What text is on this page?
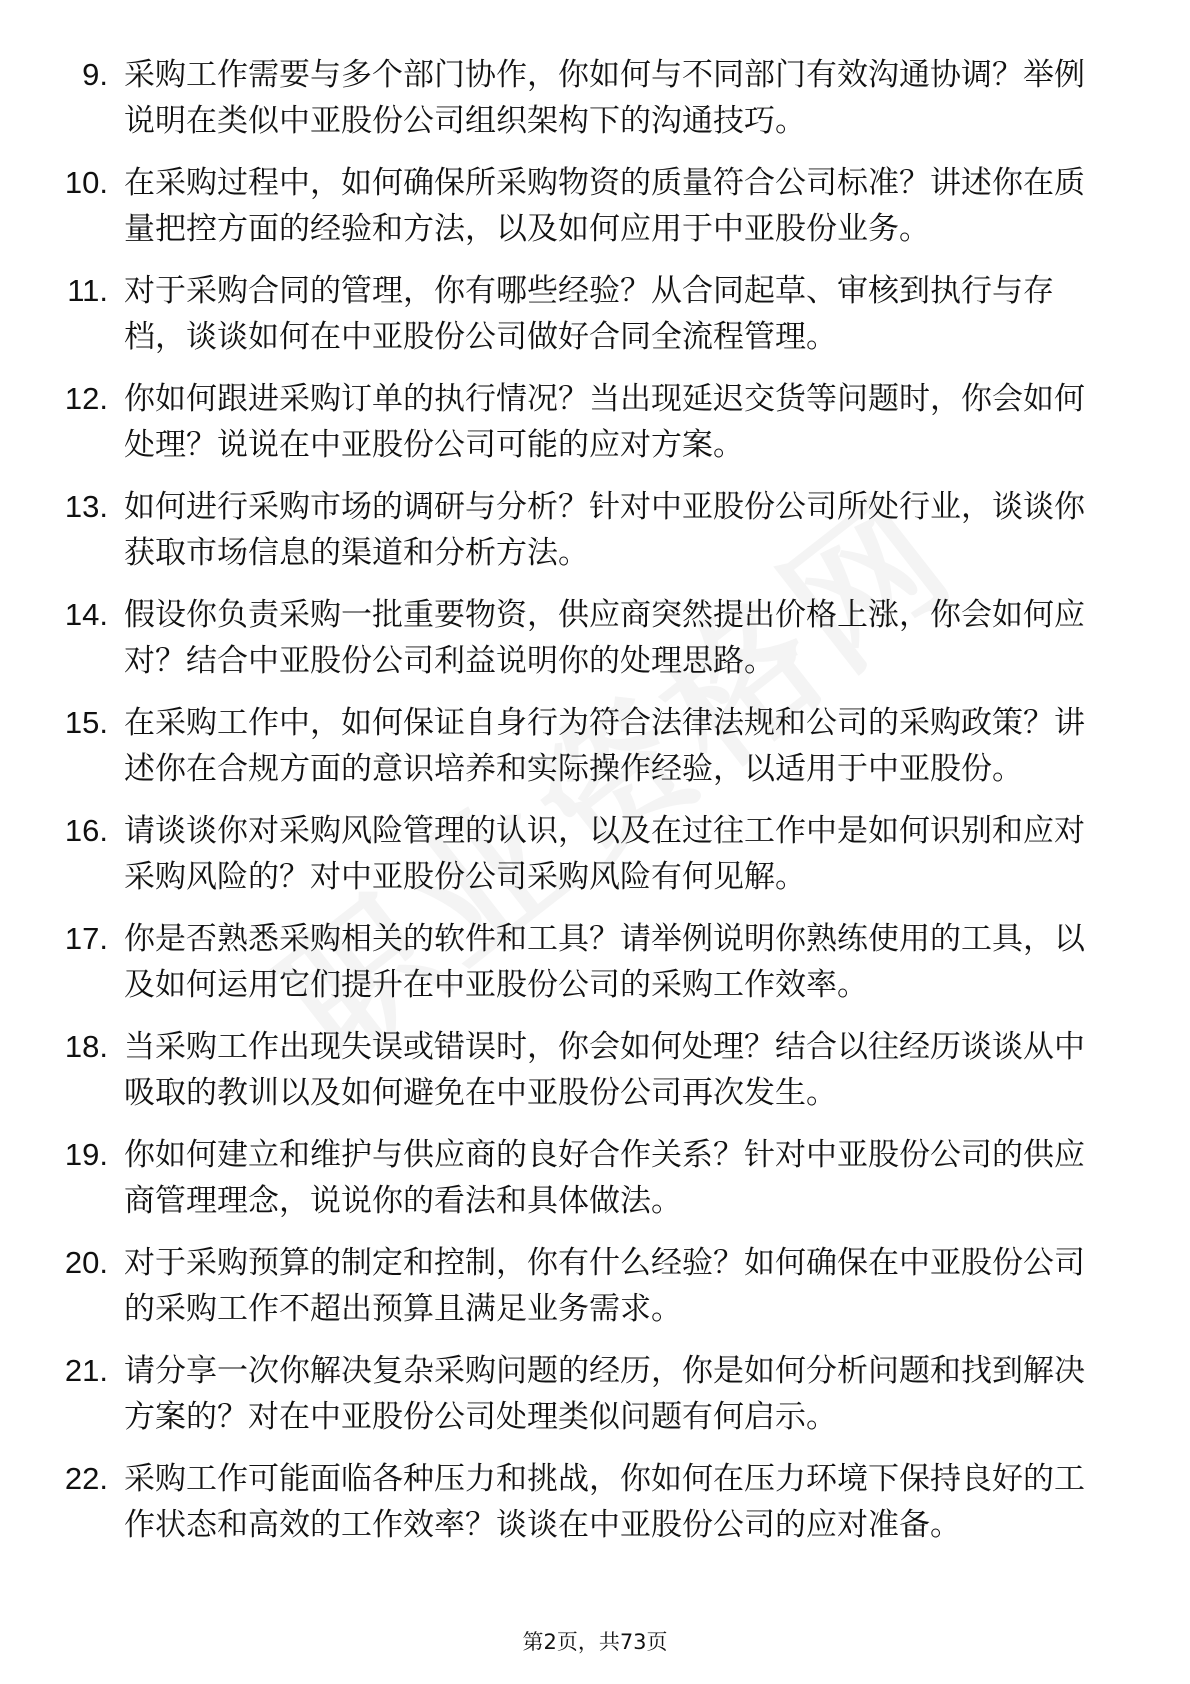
9. 采购工作需要与多个部门协作，你如何与不同部门有效沟通协调？举例说明在类似中亚股份公司组织架构下的沟通技巧。
10. 在采购过程中，如何确保所采购物资的质量符合公司标准？讲述你在质量把控方面的经验和方法，以及如何应用于中亚股份业务。
11. 对于采购合同的管理，你有哪些经验？从合同起草、审核到执行与存档，谈谈如何在中亚股份公司做好合同全流程管理。
12. 你如何跟进采购订单的执行情况？当出现延迟交货等问题时，你会如何处理？说说在中亚股份公司可能的应对方案。
13. 如何进行采购市场的调研与分析？针对中亚股份公司所处行业，谈谈你获取市场信息的渠道和分析方法。
14. 假设你负责采购一批重要物资，供应商突然提出价格上涨，你会如何应对？结合中亚股份公司利益说明你的处理思路。
15. 在采购工作中，如何保证自身行为符合法律法规和公司的采购政策？讲述你在合规方面的意识培养和实际操作经验，以适用于中亚股份。
16. 请谈谈你对采购风险管理的认识，以及在过往工作中是如何识别和应对采购风险的？对中亚股份公司采购风险有何见解。
17. 你是否熟悉采购相关的软件和工具？请举例说明你熟练使用的工具，以及如何运用它们提升在中亚股份公司的采购工作效率。
18. 当采购工作出现失误或错误时，你会如何处理？结合以往经历谈谈从中吸取的教训以及如何避免在中亚股份公司再次发生。
19. 你如何建立和维护与供应商的良好合作关系？针对中亚股份公司的供应商管理理念，说说你的看法和具体做法。
20. 对于采购预算的制定和控制，你有什么经验？如何确保在中亚股份公司的采购工作不超出预算且满足业务需求。
21. 请分享一次你解决复杂采购问题的经历，你是如何分析问题和找到解决方案的？对在中亚股份公司处理类似问题有何启示。
22. 采购工作可能面临各种压力和挑战，你如何在压力环境下保持良好的工作状态和高效的工作效率？谈谈在中亚股份公司的应对准备。
第2页，共73页
